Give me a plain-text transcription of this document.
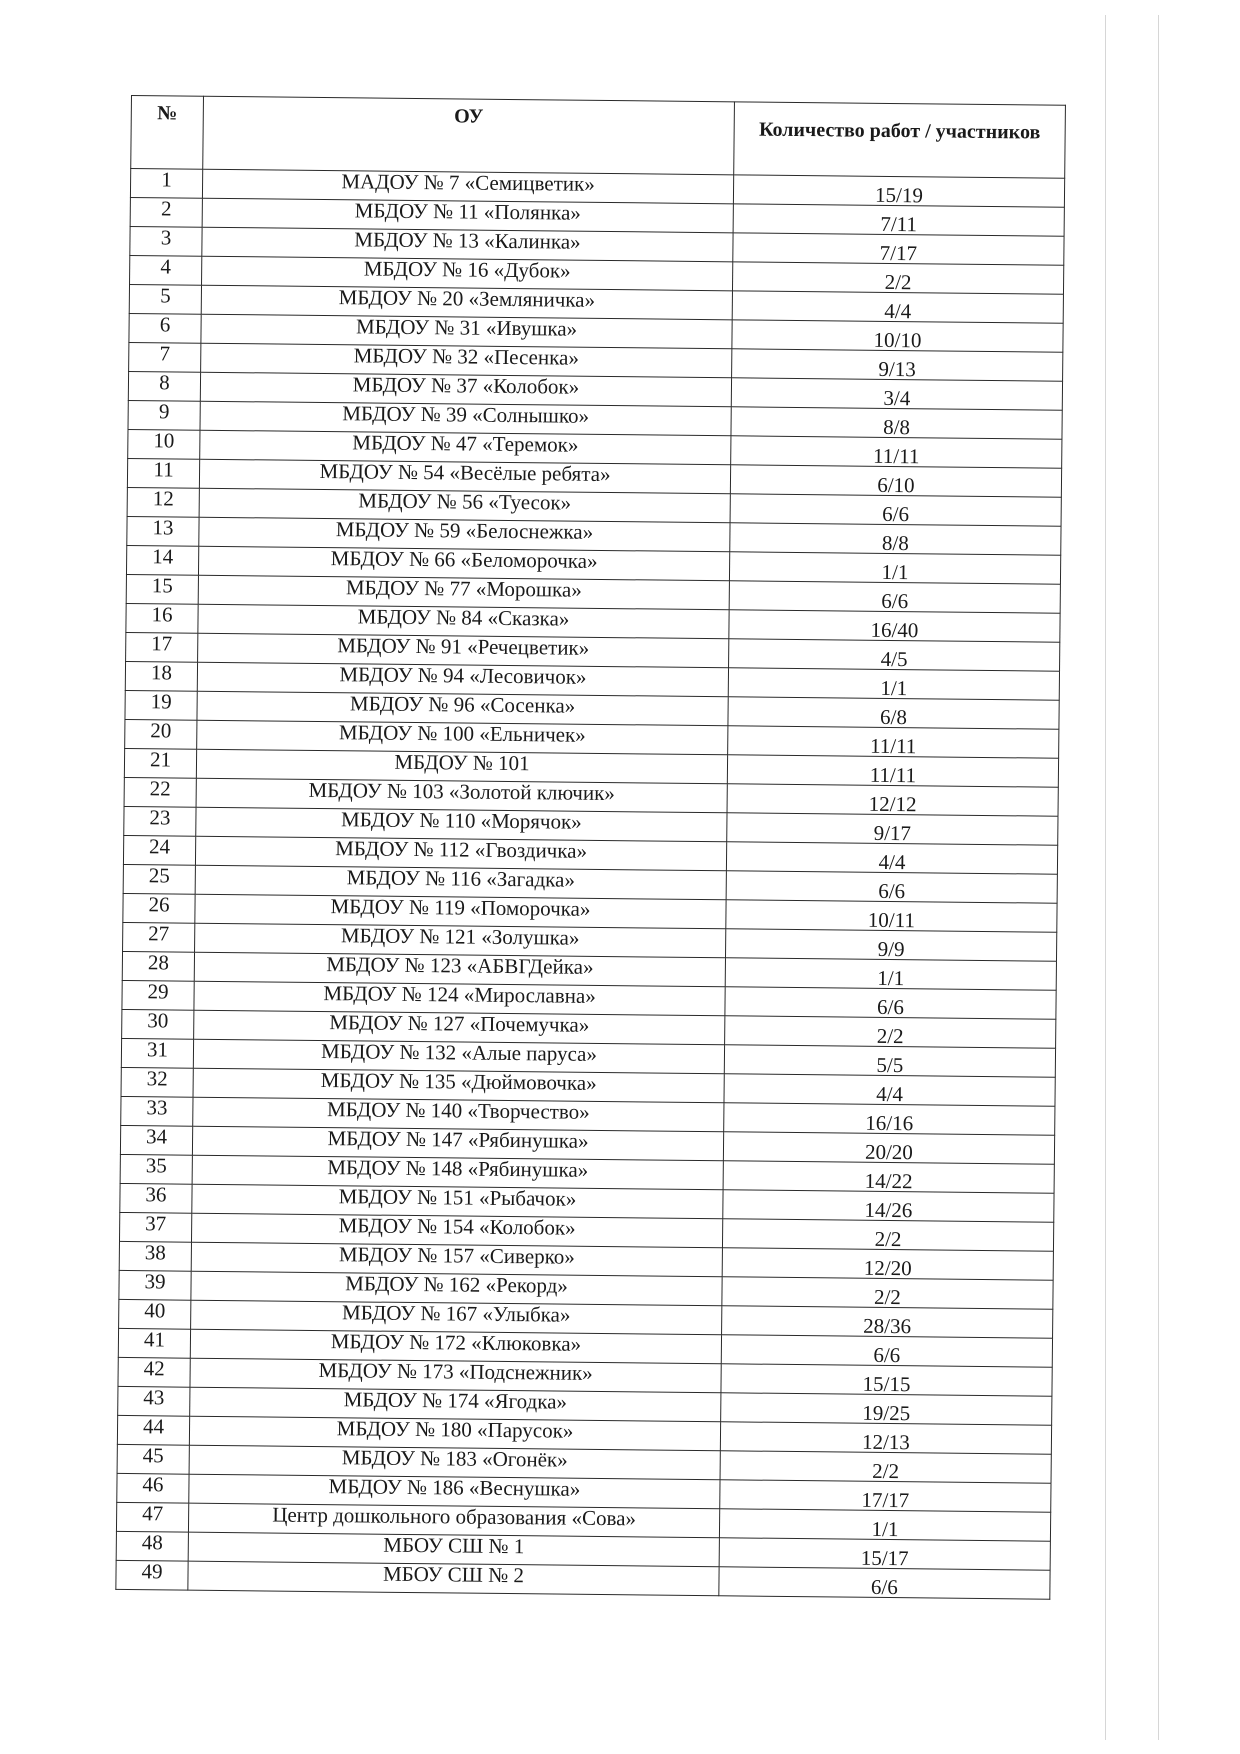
№	ОУ	Количество работ / участников
1	МАДОУ № 7 «Семицветик»	15/19
2	МБДОУ № 11 «Полянка»	7/11
3	МБДОУ № 13 «Калинка»	7/17
4	МБДОУ № 16 «Дубок»	2/2
5	МБДОУ № 20 «Земляничка»	4/4
6	МБДОУ № 31 «Ивушка»	10/10
7	МБДОУ № 32 «Песенка»	9/13
8	МБДОУ № 37 «Колобок»	3/4
9	МБДОУ № 39 «Солнышко»	8/8
10	МБДОУ № 47 «Теремок»	11/11
11	МБДОУ № 54 «Весёлые ребята»	6/10
12	МБДОУ № 56 «Туесок»	6/6
13	МБДОУ № 59 «Белоснежка»	8/8
14	МБДОУ № 66 «Беломорочка»	1/1
15	МБДОУ № 77 «Морошка»	6/6
16	МБДОУ № 84 «Сказка»	16/40
17	МБДОУ № 91 «Речецветик»	4/5
18	МБДОУ № 94 «Лесовичок»	1/1
19	МБДОУ № 96 «Сосенка»	6/8
20	МБДОУ № 100 «Ельничек»	11/11
21	МБДОУ № 101	11/11
22	МБДОУ № 103 «Золотой ключик»	12/12
23	МБДОУ № 110 «Морячок»	9/17
24	МБДОУ № 112 «Гвоздичка»	4/4
25	МБДОУ № 116 «Загадка»	6/6
26	МБДОУ № 119 «Поморочка»	10/11
27	МБДОУ № 121 «Золушка»	9/9
28	МБДОУ № 123 «АБВГДейка»	1/1
29	МБДОУ № 124 «Мирославна»	6/6
30	МБДОУ № 127 «Почемучка»	2/2
31	МБДОУ № 132 «Алые паруса»	5/5
32	МБДОУ № 135 «Дюймовочка»	4/4
33	МБДОУ № 140 «Творчество»	16/16
34	МБДОУ № 147 «Рябинушка»	20/20
35	МБДОУ № 148 «Рябинушка»	14/22
36	МБДОУ № 151 «Рыбачок»	14/26
37	МБДОУ № 154 «Колобок»	2/2
38	МБДОУ № 157 «Сиверко»	12/20
39	МБДОУ № 162 «Рекорд»	2/2
40	МБДОУ № 167 «Улыбка»	28/36
41	МБДОУ № 172 «Клюковка»	6/6
42	МБДОУ № 173 «Подснежник»	15/15
43	МБДОУ № 174 «Ягодка»	19/25
44	МБДОУ № 180 «Парусок»	12/13
45	МБДОУ № 183 «Огонёк»	2/2
46	МБДОУ № 186 «Веснушка»	17/17
47	Центр дошкольного образования «Сова»	1/1
48	МБОУ СШ № 1	15/17
49	МБОУ СШ № 2	6/6
